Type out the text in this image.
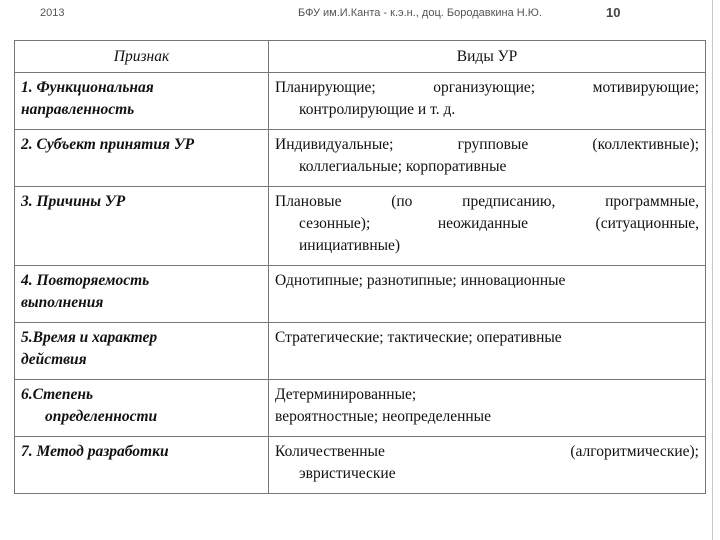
2013	БФУ им.И.Канта - к.э.н., доц. Бородавкина Н.Ю.	10
Признак	Виды УР

1. Функциональная
направленность	Планирующие; организующие; мотивирующие;
контролирующие и т. д.

2. Субъект принятия УР	Индивидуальные; групповые (коллективные);
коллегиальные; корпоративные

3. Причины УР	Плановые (по предписанию, программные,
сезонные); неожиданные (ситуационные,
инициативные)

4. Повторяемость
выполнения	Однотипные; разнотипные; инновационные

5.Время и характер
действия	Стратегические; тактические; оперативные

6.Степень
определенности	Детерминированные;
вероятностные; неопределенные

7. Метод разработки	Количественные (алгоритмические);
эвристические
